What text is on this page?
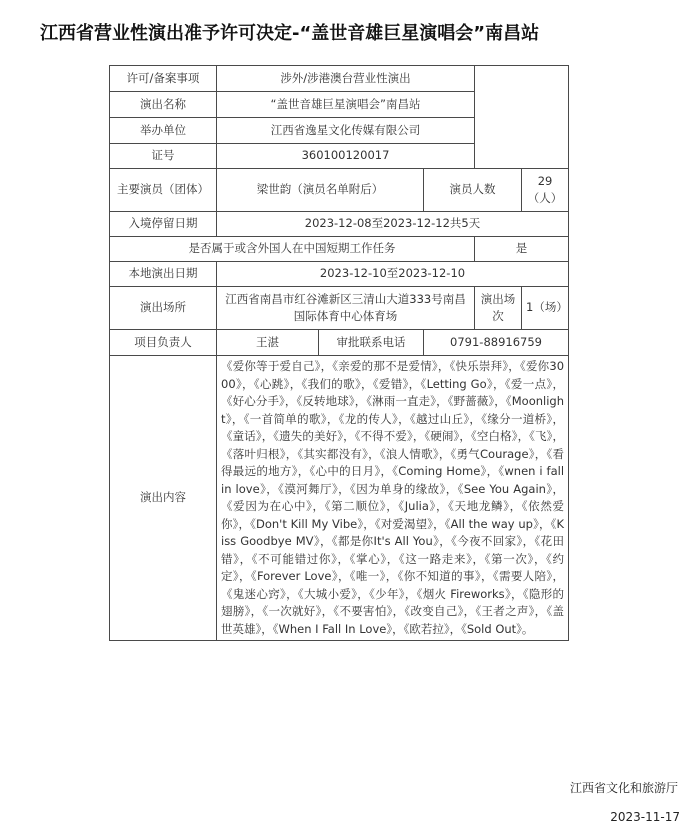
江西省营业性演出准予许可决定-“盖世音雄巨星演唱会”南昌站
许可/备案事项	涉外/涉港澳台营业性演出				
演出名称	“盖世音雄巨星演唱会”南昌站				
举办单位	江西省逸星文化传媒有限公司				
证号	360100120017				
主要演员（团体）	梁世韵（演员名单附后）		演员人数		29（人）
入境停留日期	2023-12-08至2023-12-12共5天				
是否属于或含外国人在中国短期工作任务				是	
本地演出日期	2023-12-10至2023-12-10				
演出场所	江西省南昌市红谷滩新区三清山大道333号南昌国际体育中心体育场			演出场次	1（场）
项目负责人	王湛	审批联系电话	0791-88916759		
演出内容	《爱你等于爱自己》，《亲爱的那不是爱情》，《快乐崇拜》，《爱你3000》，《心跳》，《我们的歌》，《爱错》，《Letting Go》，《爱一点》，《好心分手》，《反转地球》，《淋雨一直走》，《野蔷薇》，《Moonlight》，《一首简单的歌》，《龙的传人》，《越过山丘》，《缘分一道桥》，《童话》，《遗失的美好》，《不得不爱》，《硬闹》，《空白格》，《飞》，《落叶归根》，《其实都没有》，《浪人情歌》，《勇气Courage》，《看得最远的地方》，《心中的日月》，《Coming Home》，《wnen i fall in love》，《漠河舞厅》，《因为单身的缘故》，《See You Again》，《爱因为在心中》，《第二顺位》，《Julia》，《天地龙鳞》，《依然爱你》，《Don't Kill My Vibe》，《对爱渴望》，《All the way up》，《Kiss Goodbye MV》，《都是你It's All You》，《今夜不回家》，《花田错》，《不可能错过你》，《掌心》，《这一路走来》，《第一次》，《约定》，《Forever Love》，《唯一》，《你不知道的事》，《需要人陪》，《鬼迷心窍》，《大城小爱》，《少年》，《烟火 Fireworks》，《隐形的翅膀》，《一次就好》，《不要害怕》，《改变自己》，《王者之声》，《盖世英雄》，《When I Fall In Love》，《欧若拉》，《Sold Out》。				
江西省文化和旅游厅
2023-11-17
